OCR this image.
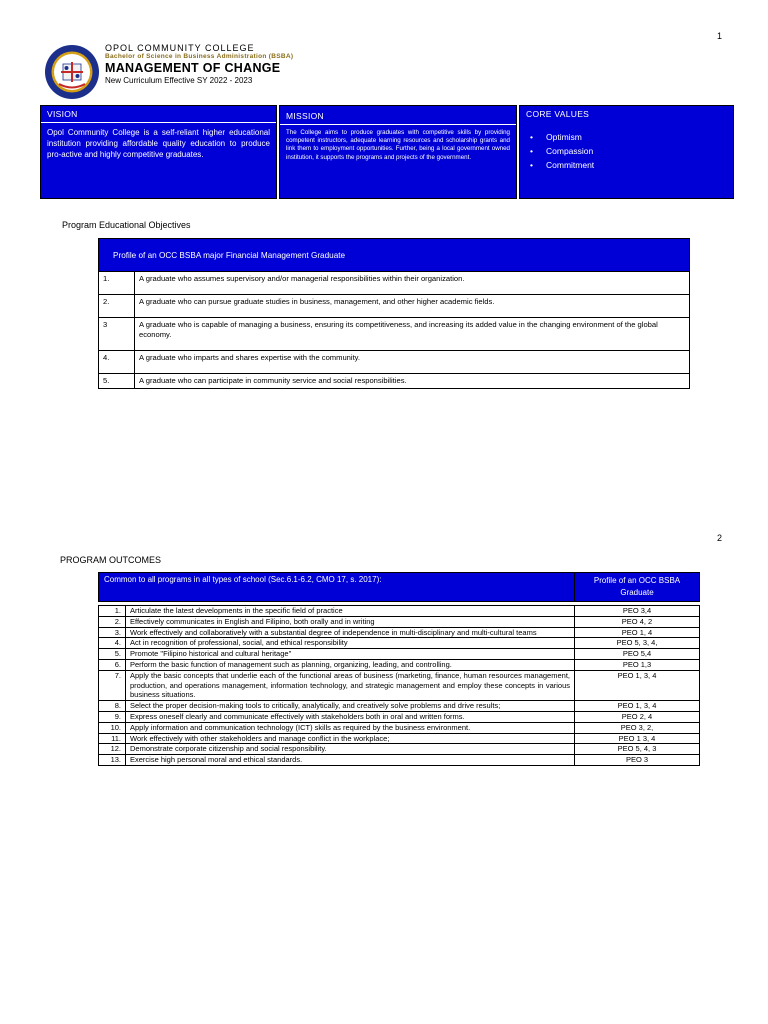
1
2
OPOL COMMUNITY COLLEGE
Bachelor of Science in Business Administration (BSBA)
MANAGEMENT OF CHANGE
New Curriculum Effective SY 2022 - 2023
VISION
Opol Community College is a self-reliant higher educational institution providing affordable quality education to produce pro-active and highly competitive graduates.
MISSION
The College aims to produce graduates with competitive skills by providing competent instructors, adequate learning resources and scholarship grants and link them to employment opportunities. Further, being a local government owned institution, it supports the programs and projects of the government.
CORE VALUES
• Optimism
• Compassion
• Commitment
Program Educational Objectives
Profile of an OCC BSBA major Financial Management Graduate	
1.	A graduate who assumes supervisory and/or managerial responsibilities within their organization.
2.	A graduate who can pursue graduate studies in business, management, and other higher academic fields.
3	A graduate who is capable of managing a business, ensuring its competitiveness, and increasing its added value in the changing environment of the global economy.
4.	A graduate who imparts and shares expertise with the community.
5.	A graduate who can participate in community service and social responsibilities.
PROGRAM OUTCOMES
Common to all programs in all types of school (Sec.6.1-6.2, CMO 17, s. 2017):		Profile of an OCC BSBA Graduate

1.	Articulate the latest developments in the specific field of practice	PEO 3,4
2.	Effectively communicates in English and Filipino, both orally and in writing	PEO 4, 2
3.	Work effectively and collaboratively with a substantial degree of independence in multi-disciplinary and multi-cultural teams	PEO 1, 4
4.	Act in recognition of professional, social, and ethical responsibility	PEO 5, 3, 4,
5.	Promote "Filipino historical and cultural heritage"	PEO 5,4
6.	Perform the basic function of management such as planning, organizing, leading, and controlling.	PEO 1,3
7.	Apply the basic concepts that underlie each of the functional areas of business (marketing, finance, human resources management, production, and operations management, information technology, and strategic management and employ these concepts in various business situations.	PEO 1, 3, 4
8.	Select the proper decision-making tools to critically, analytically, and creatively solve problems and drive results;	PEO 1, 3, 4
9.	Express oneself clearly and communicate effectively with stakeholders both in oral and written forms.	PEO 2, 4
10.	Apply information and communication technology (ICT) skills as required by the business environment.	PEO 3, 2,
11.	Work effectively with other stakeholders and manage conflict in the workplace;	PEO 1 3, 4
12.	Demonstrate corporate citizenship and social responsibility.	PEO 5, 4, 3
13.	Exercise high personal moral and ethical standards.	PEO 3
